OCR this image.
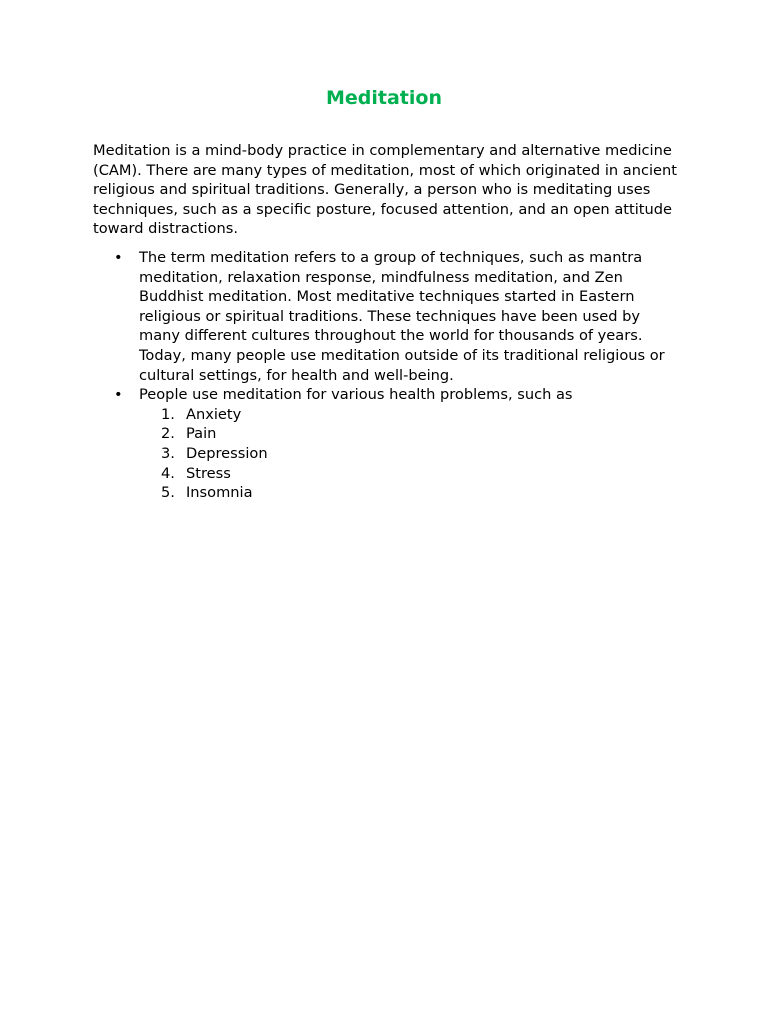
Meditation

Meditation is a mind-body practice in complementary and alternative medicine (CAM). There are many types of meditation, most of which originated in ancient religious and spiritual traditions. Generally, a person who is meditating uses techniques, such as a specific posture, focused attention, and an open attitude toward distractions.

• The term meditation refers to a group of techniques, such as mantra meditation, relaxation response, mindfulness meditation, and Zen Buddhist meditation. Most meditative techniques started in Eastern religious or spiritual traditions. These techniques have been used by many different cultures throughout the world for thousands of years. Today, many people use meditation outside of its traditional religious or cultural settings, for health and well-being.
• People use meditation for various health problems, such as
1. Anxiety
2. Pain
3. Depression
4. Stress
5. Insomnia
